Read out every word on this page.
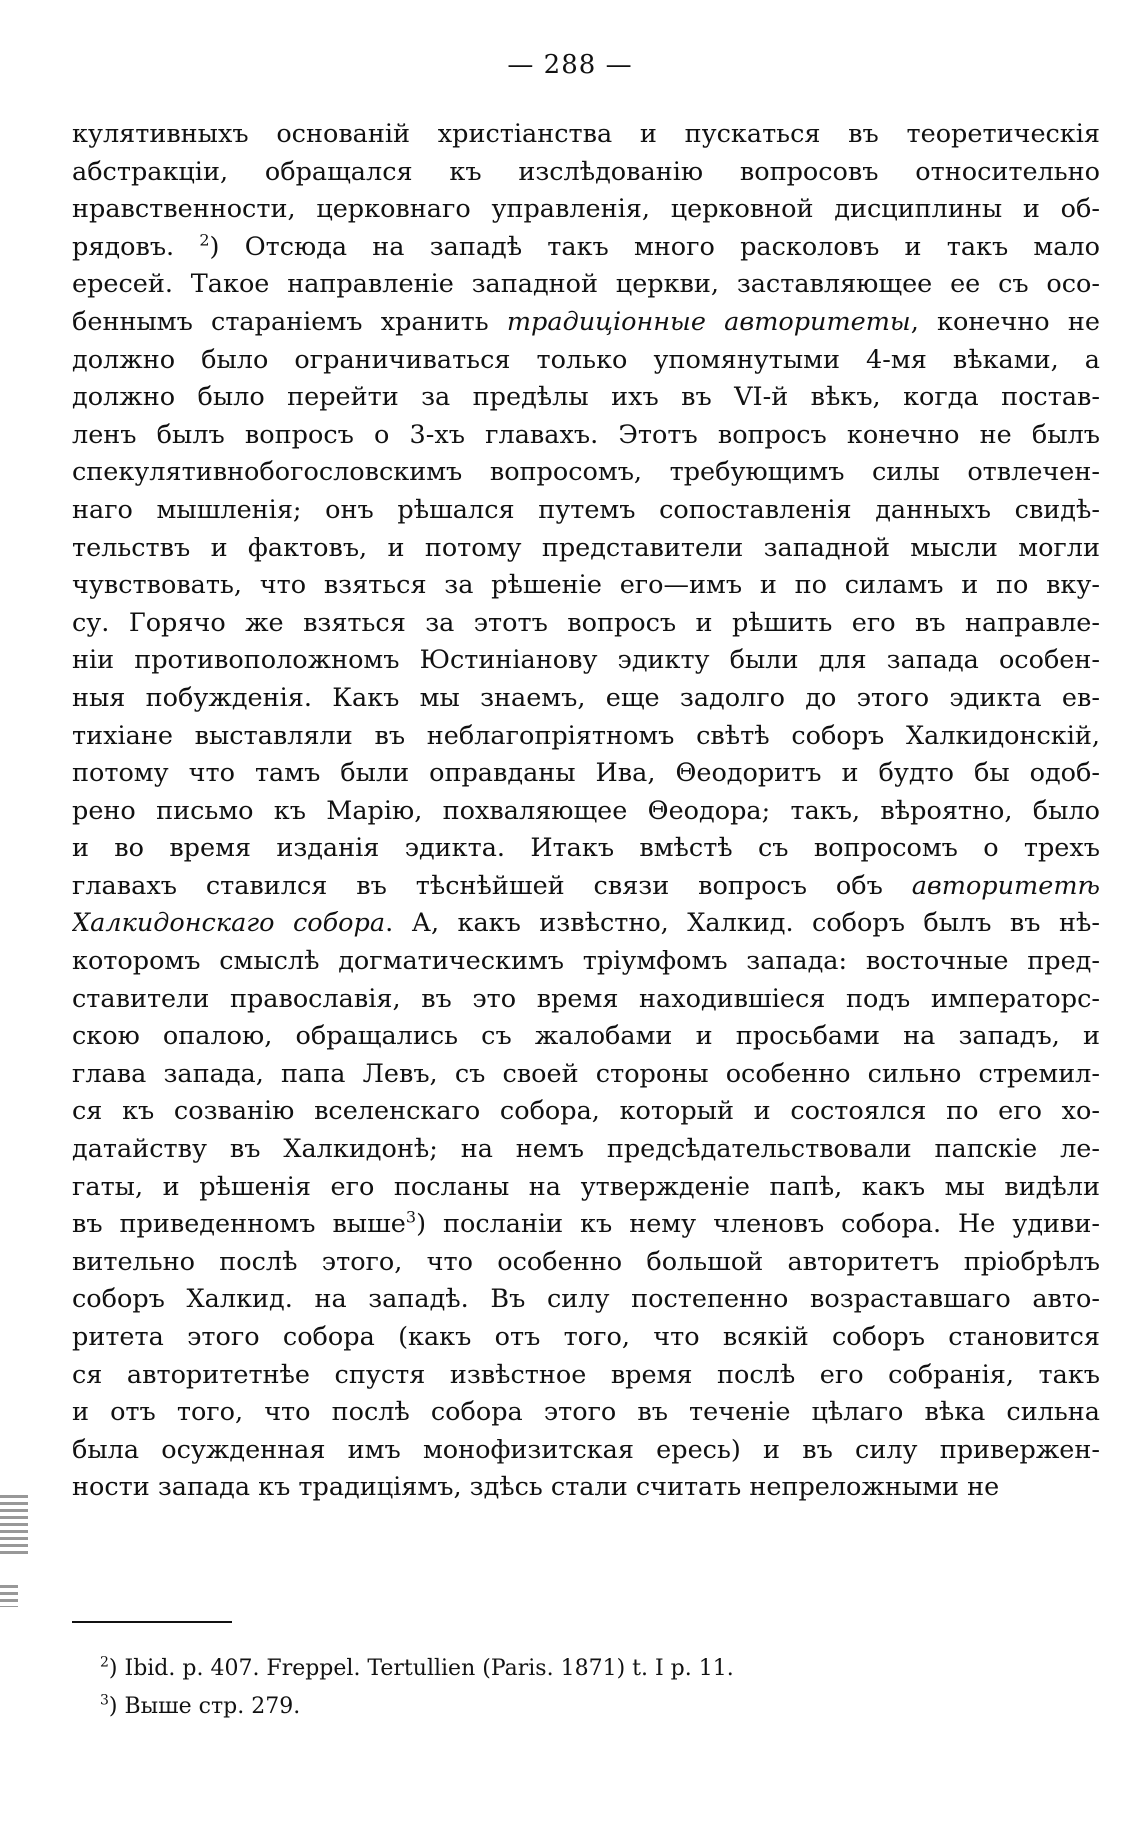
— 288 —
кулятивныхъ основаній христіанства и пускаться въ теоретическія
абстракціи, обращался къ изслѣдованію вопросовъ относительно
нравственности, церковнаго управленія, церковной дисциплины и об-
рядовъ. $^2$) Отсюда на западѣ такъ много расколовъ и такъ мало
ересей. Такое направленіе западной церкви, заставляющее ее съ осо-
беннымъ стараніемъ хранить традиціонные авторитеты, конечно не
должно было ограничиваться только упомянутыми 4-мя вѣками, а
должно было перейти за предѣлы ихъ въ VI-й вѣкъ, когда постав-
ленъ былъ вопросъ о 3-хъ главахъ. Этотъ вопросъ конечно не былъ
спекулятивнобогословскимъ вопросомъ, требующимъ силы отвлечен-
наго мышленія; онъ рѣшался путемъ сопоставленія данныхъ свидѣ-
тельствъ и фактовъ, и потому представители западной мысли могли
чувствовать, что взяться за рѣшеніе его—имъ и по силамъ и по вку-
су. Горячо же взяться за этотъ вопросъ и рѣшить его въ направле-
ніи противоположномъ Юстиніанову эдикту были для запада особен-
ныя побужденія. Какъ мы знаемъ, еще задолго до этого эдикта ев-
тихіане выставляли въ неблагопріятномъ свѣтѣ соборъ Халкидонскій,
потому что тамъ были оправданы Ива, Θеодоритъ и будто бы одоб-
рено письмо къ Марію, похваляющее Θеодора; такъ, вѣроятно, было
и во время изданія эдикта. Итакъ вмѣстѣ съ вопросомъ о трехъ
главахъ ставился въ тѣснѣйшей связи вопросъ объ авторитетѣ
Халкидонскаго собора. А, какъ извѣстно, Халкид. соборъ былъ въ нѣ-
которомъ смыслѣ догматическимъ тріумфомъ запада: восточные пред-
ставители православія, въ это время находившіеся подъ императорс-
скою опалою, обращались съ жалобами и просьбами на западъ, и
глава запада, папа Левъ, съ своей стороны особенно сильно стремил-
ся къ созванію вселенскаго собора, который и состоялся по его хо-
датайству въ Халкидонѣ; на немъ предсѣдательствовали папскіе ле-
гаты, и рѣшенія его посланы на утвержденіе папѣ, какъ мы видѣли
въ приведенномъ выше$^3$) посланіи къ нему членовъ собора. Не удиви-
вительно послѣ этого, что особенно большой авторитетъ пріобрѣлъ
соборъ Халкид. на западѣ. Въ силу постепенно возраставшаго авто-
ритета этого собора (какъ отъ того, что всякій соборъ становится
ся авторитетнѣе спустя извѣстное время послѣ его собранія, такъ
и отъ того, что послѣ собора этого въ теченіе цѣлаго вѣка сильна
была осужденная имъ монофизитская ересь) и въ силу привержен-
ности запада къ традиціямъ, здѣсь стали считать непреложными не
$^2$) Ibid. p. 407. Freppel. Tertullien (Paris. 1871) t. I p. 11.
$^3$) Выше стр. 279.
